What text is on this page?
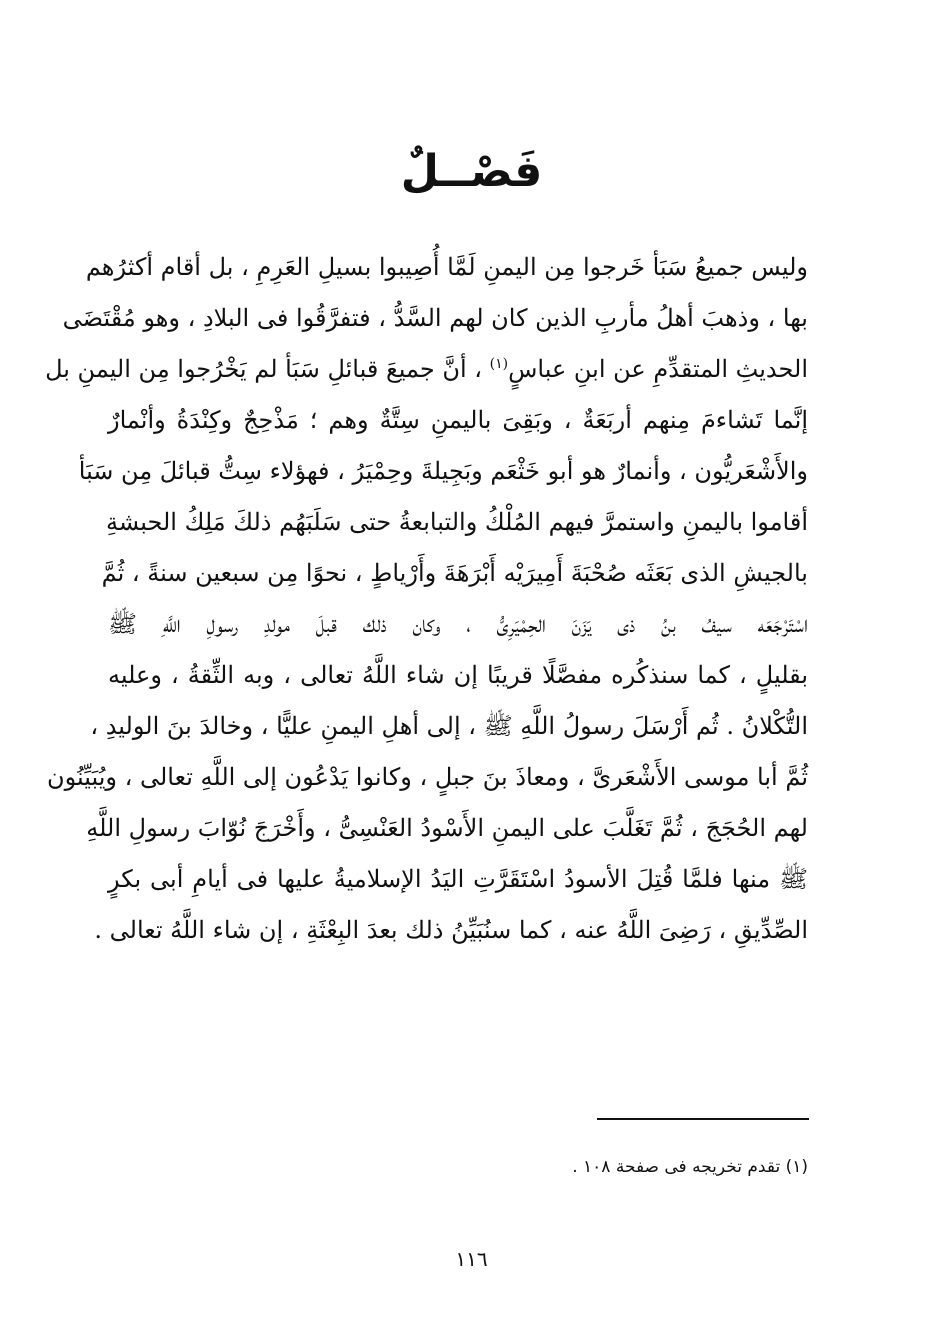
فَصْــلٌ
وليس جميعُ سَبَأ خَرجوا مِن اليمنِ لَمَّا أُصِيبوا بسيلِ العَرِمِ ، بل أقام أكثرُهم
بها ، وذهبَ أهلُ مأربِ الذين كان لهم السَّدُّ ، فتفرَّقُوا فى البلادِ ، وهو مُقْتَضَى
الحديثِ المتقدِّمِ عن ابنِ عباسٍ$^{(١)}$ ، أنَّ جميعَ قبائلِ سَبَأ لم يَخْرُجوا مِن اليمنِ بل
إنَّما تَشاءمَ مِنهم أربَعَةٌ ، وبَقِىَ باليمنِ سِتَّةٌ وهم ؛ مَذْحِجٌ وكِنْدَةُ وأنْمارٌ
والأَشْعَريُّون ، وأنمارٌ هو أبو خَثْعَم وبَجِيلةَ وحِمْيَرُ ، فهؤلاء سِتُّ قبائلَ مِن سَبَأ
أقاموا باليمنِ واستمرَّ فيهم المُلْكُ والتبابعةُ حتى سَلَبَهُم ذلكَ مَلِكُ الحبشةِ
بالجيشِ الذى بَعَثَه صُحْبَةَ أَمِيرَيْه أَبْرَهَةَ وأَرْياطٍ ، نحوًا مِن سبعين سنةً ، ثُمَّ
اسْتَرْجَعَه سيفُ بنُ ذى يَزَنَ الحِمْيَرِىُّ ، وكان ذلك قبلَ مولدِ رسولِ اللَّهِ ﷺ
بقليلٍ ، كما سنذكُره مفصَّلًا قريبًا إن شاء اللَّهُ تعالى ، وبه الثِّقةُ ، وعليه
التُّكْلانُ . ثُم أَرْسَلَ رسولُ اللَّهِ ﷺ ، إلى أهلِ اليمنِ عليًّا ، وخالدَ بنَ الوليدِ ،
ثُمَّ أبا موسى الأَشْعَرىَّ ، ومعاذَ بنَ جبلٍ ، وكانوا يَدْعُون إلى اللَّهِ تعالى ، ويُبَيِّنُون
لهم الحُجَجَ ، ثُمَّ تَغَلَّبَ على اليمنِ الأَسْودُ العَنْسِىُّ ، وأَخْرَجَ نُوّابَ رسولِ اللَّهِ
ﷺ منها فلمَّا قُتِلَ الأسودُ اسْتَقَرَّتِ اليَدُ الإسلاميةُ عليها فى أيامِ أبى بكرٍ
الصِّدِّيقِ ، رَضِىَ اللَّهُ عنه ، كما سنُبَيِّنُ ذلك بعدَ البِعْثَةِ ، إن شاء اللَّهُ تعالى .
(١) تقدم تخريجه فى صفحة ١٠٨ .
١١٦
